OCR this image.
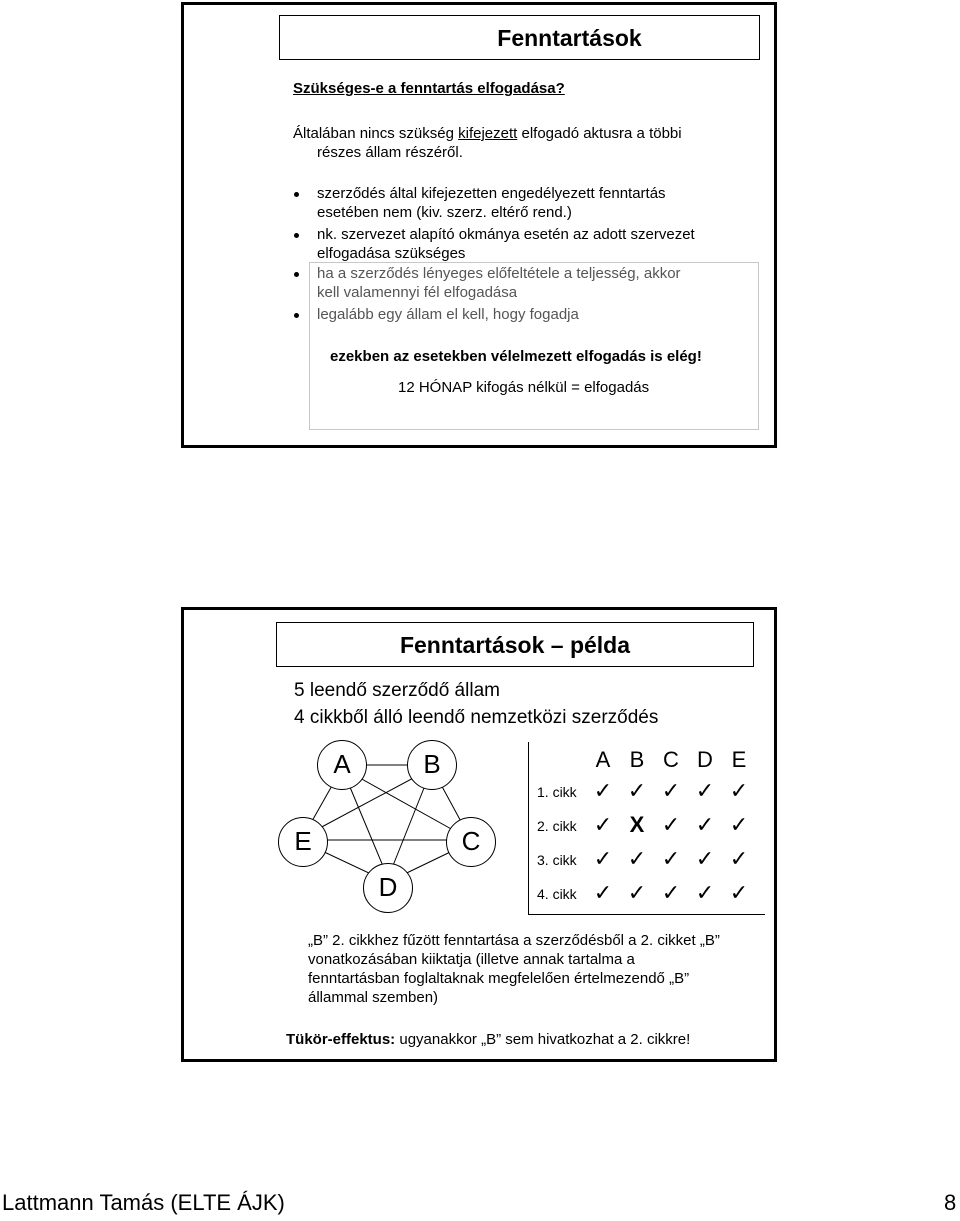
Fenntartások
Szükséges-e a fenntartás elfogadása?
Általában nincs szükség kifejezett elfogadó aktusra a többi
részes állam részéről.
szerződés által kifejezetten engedélyezett fenntartás
esetében nem (kiv. szerz. eltérő rend.)
nk. szervezet alapító okmánya esetén az adott szervezet
elfogadása szükséges
ha a szerződés lényeges előfeltétele a teljesség, akkor
kell valamennyi fél elfogadása
legalább egy állam el kell, hogy fogadja
ezekben az esetekben vélelmezett elfogadás is elég!
12 HÓNAP kifogás nélkül = elfogadás
Fenntartások – példa
5 leendő szerződő állam
4 cikkből álló leendő nemzetközi szerződés
A	B
E	C
D
A B C D E
1. cikk ✓ ✓ ✓ ✓ ✓
2. cikk ✓ X ✓ ✓ ✓
3. cikk ✓ ✓ ✓ ✓ ✓
4. cikk ✓ ✓ ✓ ✓ ✓
„B” 2. cikkhez fűzött fenntartása a szerződésből a 2. cikket „B”
vonatkozásában kiiktatja (illetve annak tartalma a
fenntartásban foglaltaknak megfelelően értelmezendő „B”
állammal szemben)
Tükör-effektus: ugyanakkor „B” sem hivatkozhat a 2. cikkre!
Lattmann Tamás (ELTE ÁJK)	8
